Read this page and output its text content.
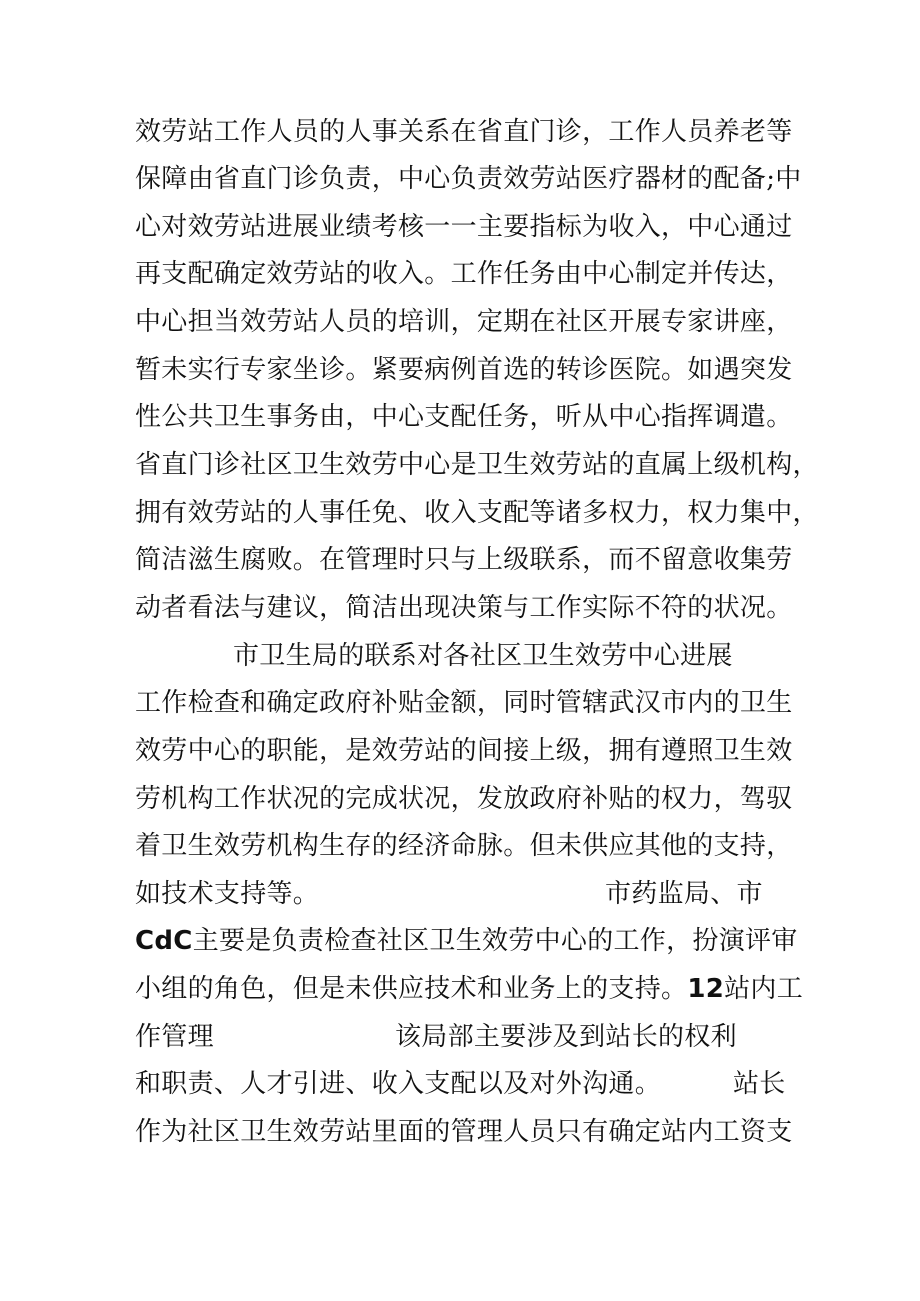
效劳站工作人员的人事关系在省直门诊，工作人员养老等
保障由省直门诊负责，中心负责效劳站医疗器材的配备;中
心对效劳站进展业绩考核一一主要指标为收入，中心通过
再支配确定效劳站的收入。工作任务由中心制定并传达，
中心担当效劳站人员的培训，定期在社区开展专家讲座，
暂未实行专家坐诊。紧要病例首选的转诊医院。如遇突发
性公共卫生事务由，中心支配任务，听从中心指挥调遣。
省直门诊社区卫生效劳中心是卫生效劳站的直属上级机构，
拥有效劳站的人事任免、收入支配等诸多权力，权力集中，
简洁滋生腐败。在管理时只与上级联系，而不留意收集劳
动者看法与建议，简洁出现决策与工作实际不符的状况。
市卫生局的联系对各社区卫生效劳中心进展
工作检查和确定政府补贴金额，同时管辖武汉市内的卫生
效劳中心的职能，是效劳站的间接上级，拥有遵照卫生效
劳机构工作状况的完成状况，发放政府补贴的权力，驾驭
着卫生效劳机构生存的经济命脉。但未供应其他的支持，
如技术支持等。	市药监局、市
CdC主要是负责检查社区卫生效劳中心的工作，扮演评审
小组的角色，但是未供应技术和业务上的支持。12站内工
作管理	该局部主要涉及到站长的权利
和职责、人才引进、收入支配以及对外沟通。	站长
作为社区卫生效劳站里面的管理人员只有确定站内工资支
